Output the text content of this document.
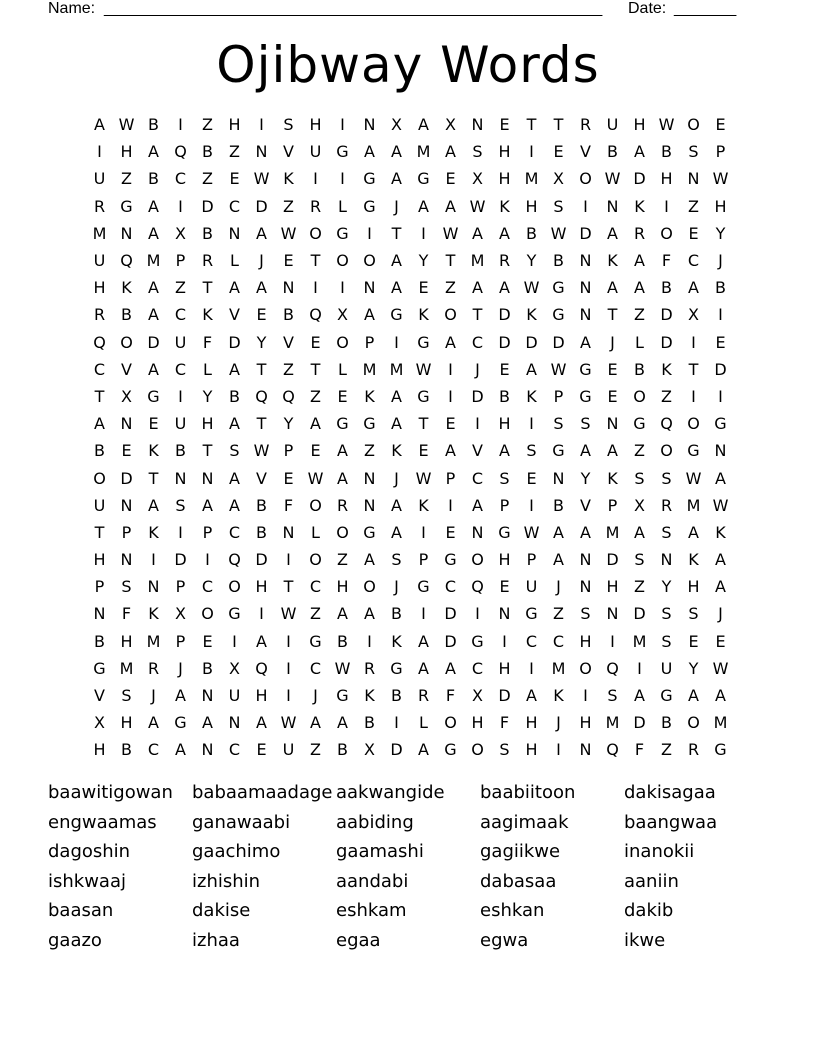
Name: ________________________________________________________ Date: _______
Ojibway Words
A W B	I	Z H	I	S H	I	N X	A	X N E	T	T	R U H W O E
I	H A Q B	Z N V U G A	A M A	S H	I	E	V	B	A	B	S	P
U Z	B C Z	E W K	I	I	G A G E	X H M X O W D H N W
R G A	I	D C D Z R	L	G	J	A	A W K H S	I	N K	I	Z H
M N A	X	B N A W O G	I	T	I	W A	A	B W D A R O E	Y
U Q M P	R	L	J	E	T O O A	Y	T M R	Y	B N K	A	F	C	J
H K	A	Z	T	A	A N	I	I	N A	E	Z	A	A W G N A	A	B	A	B
R B	A C	K	V	E	B Q X	A G K O T D K G N	T	Z D X	I
Q O D U	F	D Y	V	E O P	I	G A C D D D A	J	L	D	I	E
C V	A C	L	A	T	Z	T	L M M W	I	J	E	A W G E	B	K	T D
T	X G	I	Y	B Q Q Z	E	K	A G	I	D B	K	P G E O Z	I	I
A N E	U H A	T	Y	A G G A	T	E	I	H	I	S	S N G Q O G
B	E	K	B	T	S W P	E	A	Z	K	E	A	V	A	S G A	A	Z O G N
O D T	N N A	V	E W A N	J	W P	C	S	E N	Y	K	S	S W A
U N A	S	A	A	B	F	O R N A	K	I	A	P	I	B	V	P	X R M W
T	P	K	I	P	C B N	L	O G A	I	E N G W A	A M A	S	A	K
H N	I	D	I	Q D	I	O Z	A	S	P G O H	P	A N D S N K	A
P	S N	P	C O H	T	C H O	J	G C Q E	U	J	N H Z	Y	H A
N	F	K	X O G	I	W Z	A	A	B	I	D	I	N G Z	S N D S	S	J
B H M P	E	I	A	I	G B	I	K	A D G	I	C C H	I	M S	E	E
G M R	J	B	X Q	I	C W R G A	A C H	I	M O Q	I	U	Y W
V	S	J	A N U H	I	J	G K	B R	F	X D A	K	I	S	A G A	A
X H A G A N A W A	A	B	I	L	O H	F	H	J	H M D B O M
H B C A N C	E	U Z	B	X D A G O S H	I	N Q	F	Z R G
baawitigowan	babaamaadage aakwangide	baabiitoon	dakisagaa
engwaamas	ganawaabi	aabiding	aagimaak	baangwaa
dagoshin	gaachimo	gaamashi	gagiikwe	inanokii
ishkwaaj	izhishin	aandabi	dabasaa	aaniin
baasan	dakise	eshkam	eshkan	dakib
gaazo	izhaa	egaa	egwa	ikwe
